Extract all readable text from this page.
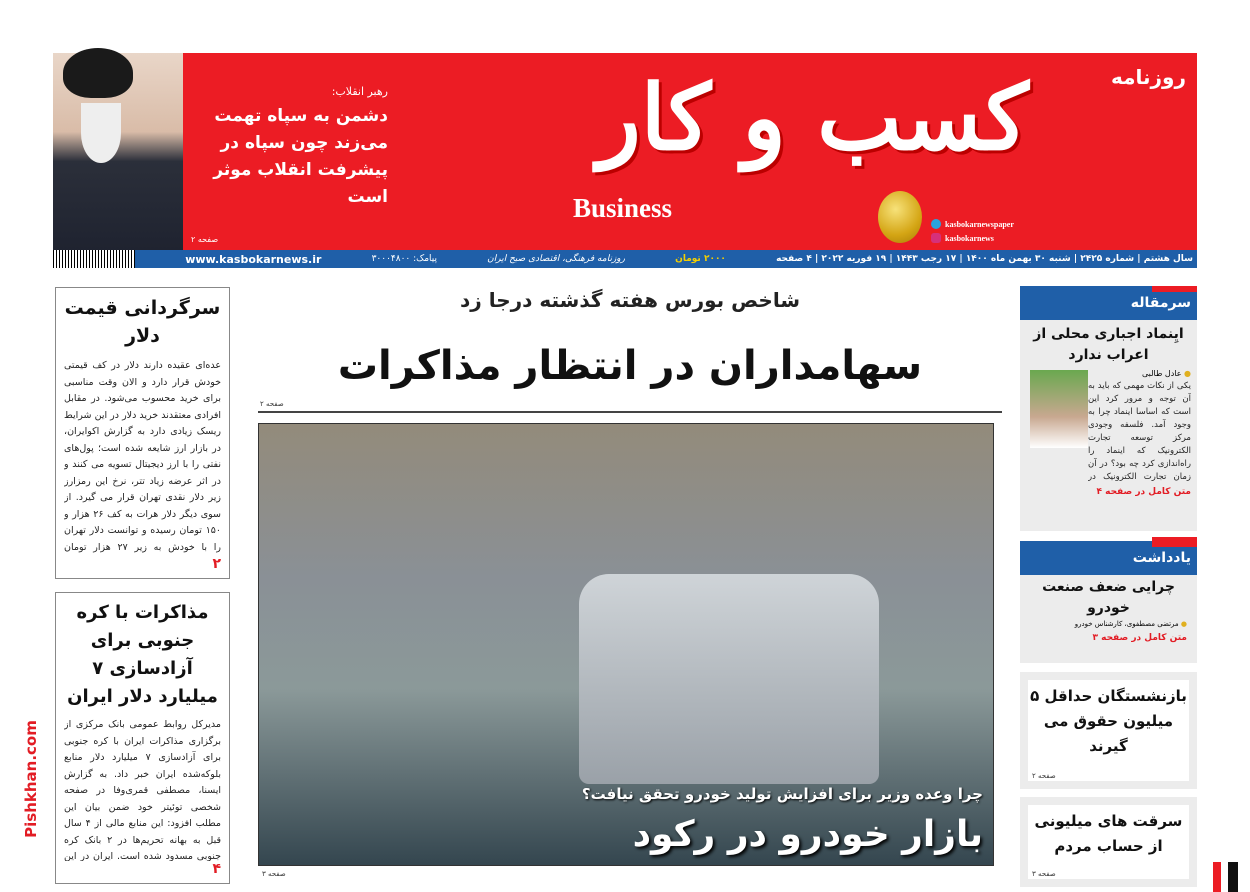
رهبر انقلاب:
دشمن به سپاه تهمت می‌زند چون سپاه در پیشرفت انقلاب موثر است
صفحه ۲
کسب و کار	روزنامه
Business
kasbokarnewspaper
kasbokarnews
سال هشتم | شماره ۲۴۲۵ | شنبه ۳۰ بهمن ماه ۱۴۰۰ | ۱۷ رجب ۱۴۴۳ | ۱۹ فوریه ۲۰۲۲ | ۴ صفحه
۲۰۰۰ تومان
روزنامه فرهنگی، اقتصادی صبح ایران
پیامک: ۳۰۰۰۴۸۰۰
www.kasbokarnews.ir
سرگردانی قیمت دلار
عده‌ای عقیده دارند دلار در کف قیمتی خودش قرار دارد و الان وقت مناسبی برای خرید محسوب می‌شود. در مقابل افرادی معتقدند خرید دلار در این شرایط ریسک زیادی دارد به گزارش اکوایران، در بازار ارز شایعه شده است؛ پول‌های نفتی را با ارز دیجیتال تسویه می کنند و در اثر عرضه زیاد تتر، نرخ این رمزارز زیر دلار نقدی تهران قرار می گیرد. از سوی دیگر دلار هرات به کف ۲۶ هزار و ۱۵۰ تومان رسیده و توانست دلار تهران را با خودش به زیر ۲۷ هزار تومان
۲
مذاکرات با کره جنوبی برای آزادسازی ۷ میلیارد دلار ایران
مدیرکل روابط عمومی بانک مرکزی از برگزاری مذاکرات ایران با کره جنوبی برای آزادسازی ۷ میلیارد دلار منابع بلوکه‌شده ایران خبر داد. به گزارش ایسنا، مصطفی قمری‌وفا در صفحه شخصی توئیتر خود ضمن بیان این مطلب افزود: این منابع مالی از ۴ سال قبل به بهانه تحریم‌ها در ۲ بانک کره جنوبی مسدود شده است. ایران در این
۴
Pishkhan.com
شاخص بورس هفته گذشته درجا زد
سهامداران در انتظار مذاکرات
صفحه ۲
چرا وعده وزیر برای افزایش تولید خودرو تحقق نیافت؟
بازار خودرو در رکود
صفحه ۳
سرمقاله
ایِنماد اجباری محلی از اعراب ندارد
● عادل طالبی
یکی از نکات مهمی که باید به آن توجه و مرور کرد این است که اساسا اینماد چرا به وجود آمد. فلسفه وجودی مرکز توسعه تجارت الکترونیک که اینماد را راه‌اندازی کرد چه بود؟ در آن زمان تجارت الکترونیک در
متن کامل در صفحه ۴
یادداشت
چرایی ضعف صنعت خودرو
● مرتضی مصطفوی، کارشناس خودرو
متن کامل در صفحه ۳
بازنشستگان حداقل ۵ میلیون حقوق می گیرند
صفحه ۲
سرقت های میلیونی از حساب مردم
صفحه ۳
